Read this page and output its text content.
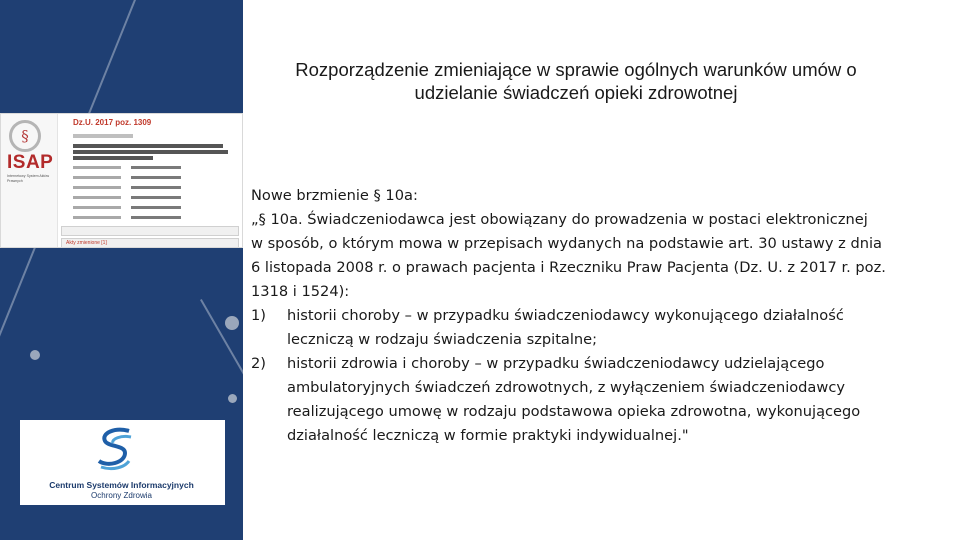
§
ISAP
Internetowy System Aktów Prawnych
Dz.U. 2017 poz. 1309
Akty zmienione [1]
Centrum Systemów Informacyjnych
Ochrony Zdrowia
Rozporządzenie zmieniające w sprawie ogólnych warunków umów o udzielanie świadczeń opieki zdrowotnej

Nowe brzmienie § 10a:

„§ 10a. Świadczeniodawca jest obowiązany do prowadzenia w postaci elektronicznej

w sposób, o którym mowa w przepisach wydanych na podstawie art. 30 ustawy z dnia

6 listopada 2008 r. o prawach pacjenta i Rzeczniku Praw Pacjenta (Dz. U. z 2017 r. poz.

1318 i 1524):

1)	historii choroby – w przypadku świadczeniodawcy wykonującego działalność
leczniczą w rodzaju świadczenia szpitalne;
2)	historii zdrowia i choroby – w przypadku świadczeniodawcy udzielającego
ambulatoryjnych świadczeń zdrowotnych, z wyłączeniem świadczeniodawcy
realizującego umowę w rodzaju podstawowa opieka zdrowotna, wykonującego
działalność leczniczą w formie praktyki indywidualnej."
